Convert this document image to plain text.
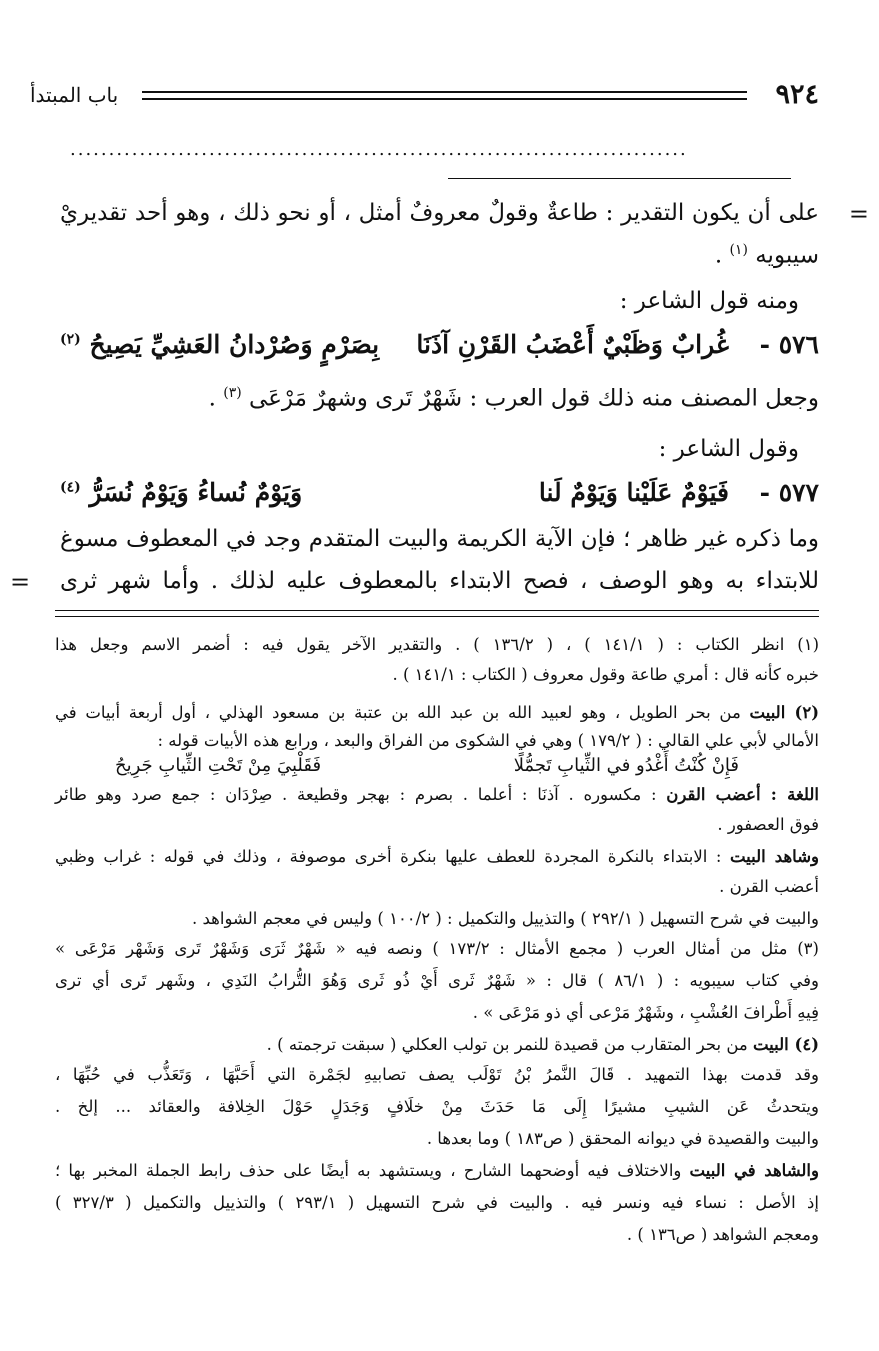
٩٢٤
باب المبتدأ
................................................................................
=
على أن يكون التقدير : طاعةٌ وقولٌ معروفٌ أمثل ، أو نحو ذلك ، وهو أحد تقديريْ
سيبويه $^{(١)}$ .
ومنه قول الشاعر :
٥٧٦ -
غُرابٌ وَظَبْيٌ أَعْضَبُ القَرْنِ آذَنَا
بِصَرْمٍ وَصُرْدانُ العَشِيِّ يَصِيحُ $^{(٢)}$
وجعل المصنف منه ذلك قول العرب : شَهْرٌ تَرى وشهرٌ مَرْعَى $^{(٣)}$ .
وقول الشاعر :
٥٧٧ -
فَيَوْمٌ عَلَيْنا وَيَوْمٌ لَنا
وَيَوْمٌ نُساءُ وَيَوْمٌ نُسَرُّ $^{(٤)}$
وما ذكره غير ظاهر ؛ فإن الآية الكريمة والبيت المتقدم وجد في المعطوف مسوغ
للابتداء به وهو الوصف ، فصح الابتداء بالمعطوف عليه لذلك . وأما شهر ثرى
=
(١) انظر الكتاب : ( ١٤١/١ ) ، ( ١٣٦/٢ ) . والتقدير الآخر يقول فيه : أضمر الاسم وجعل هذا
خبره كأنه قال : أمري طاعة وقول معروف ( الكتاب : ١٤١/١ ) .
(٢) البيت من بحر الطويل ، وهو لعبيد الله بن عبد الله بن عتبة بن مسعود الهذلي ، أول أربعة أبيات في
الأمالي لأبي علي القالي : ( ١٧٩/٢ ) وهي في الشكوى من الفراق والبعد ، ورابع هذه الأبيات قوله :
فَإِنْ كُنْتُ أَغْدُو في الثِّيابِ تَجمُّلًا
فَقَلْبِيَ مِنْ تَحْتِ الثِّيابِ جَرِيحُ
اللغة : أعضب القرن : مكسوره . آذنَا : أعلما . بصرم : بهجر وقطيعة . صِرْدَان : جمع صرد وهو طائر
فوق العصفور .
وشاهد البيت : الابتداء بالنكرة المجردة للعطف عليها بنكرة أخرى موصوفة ، وذلك في قوله : غراب وظبي
أعضب القرن .
والبيت في شرح التسهيل ( ٢٩٢/١ ) والتذييل والتكميل : ( ١٠٠/٢ ) وليس في معجم الشواهد .
(٣) مثل من أمثال العرب ( مجمع الأمثال : ١٧٣/٢ ) ونصه فيه « شَهْرٌ ثَرَى وَشَهْرٌ تَرى وَشَهْر مَرْعَى »
وفي كتاب سيبويه : ( ٨٦/١ ) قال : « شَهْرٌ ثَرى أَيْ ذُو ثَرى وَهُوَ التُّرابُ النَدِي ، وشَهر تَرى أي ترى
فِيهِ أَطْرافَ العُشْبِ ، وشَهْرٌ مَرْعى أي ذو مَرْعَى » .
(٤) البيت من بحر المتقارب من قصيدة للنمر بن تولب العكلي ( سبقت ترجمته ) .
وقد قدمت بهذا التمهيد . قَالَ النَّمرُ بْنُ تَوْلَب يصف تصابيهِ لجَمْرة التي أَحَبَّهَا ، وَتَعَذُّب في حُبِّهَا ،
ويتحدثُ عَن الشيبِ مشيرًا إِلَى مَا حَدَثَ مِنْ خلَافٍ وَجَدَلٍ حَوْلَ الخِلافة والعقائد ... إلخ .
والبيت والقصيدة في ديوانه المحقق ( ص١٨٣ ) وما بعدها .
والشاهد في البيت والاختلاف فيه أوضحهما الشارح ، ويستشهد به أيضًا على حذف رابط الجملة المخبر بها ؛
إذ الأصل : نساء فيه ونسر فيه . والبيت في شرح التسهيل ( ٢٩٣/١ ) والتذييل والتكميل ( ٣٢٧/٣ )
ومعجم الشواهد ( ص١٣٦ ) .
